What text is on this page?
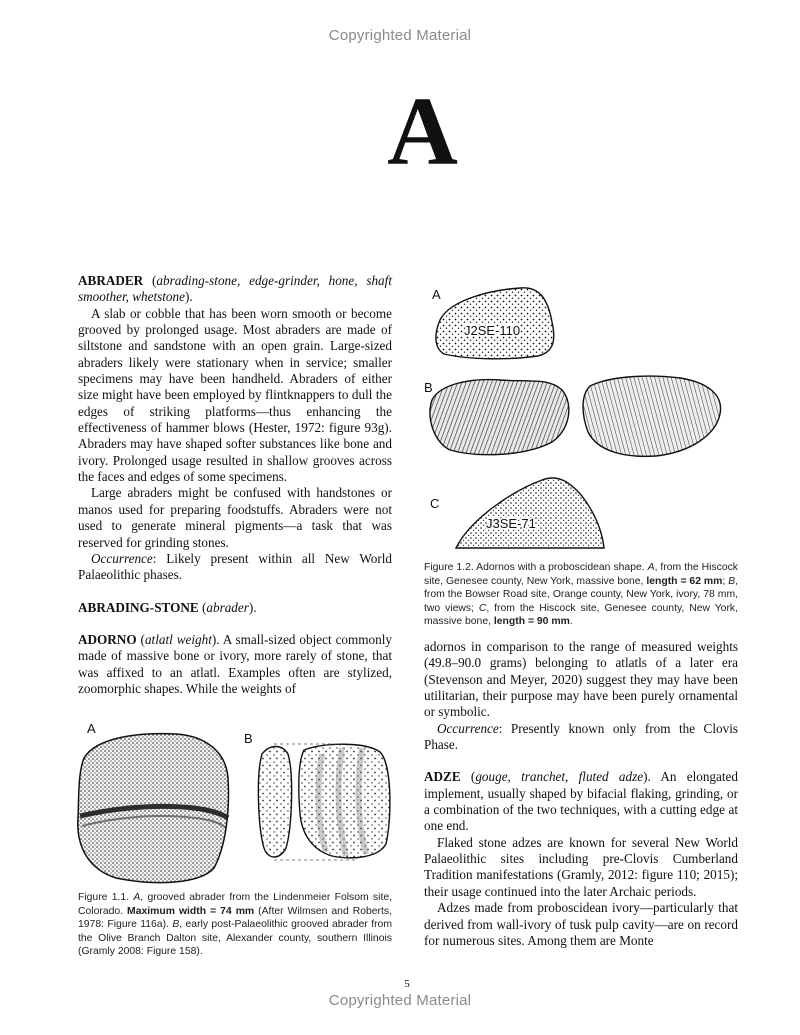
Copyrighted Material
A

ABRADER (abrading-stone, edge-grinder, hone, shaft smoother, whetstone).

A slab or cobble that has been worn smooth or become grooved by prolonged usage. Most abraders are made of siltstone and sandstone with an open grain. Large-sized abraders likely were stationary when in service; smaller specimens may have been handheld. Abraders of either size might have been employed by flintknappers to dull the edges of striking platforms—thus enhancing the effectiveness of hammer blows (Hester, 1972: figure 93g). Abraders may have shaped softer substances like bone and ivory. Prolonged usage resulted in shallow grooves across the faces and edges of some specimens.

Large abraders might be confused with handstones or manos used for preparing foodstuffs. Abraders were not used to generate mineral pigments—a task that was reserved for grinding stones.

Occurrence: Likely present within all New World Palaeolithic phases.

ABRADING-STONE (abrader).

ADORNO (atlatl weight). A small-sized object commonly made of massive bone or ivory, more rarely of stone, that was affixed to an atlatl. Examples often are stylized, zoomorphic shapes. While the weights of

A
B
C
J2SE-110
J3SE-71
Figure 1.2. Adornos with a proboscidean shape. A, from the Hiscock site, Genesee county, New York, massive bone, length = 62 mm; B, from the Bowser Road site, Orange county, New York, ivory, 78 mm, two views; C, from the Hiscock site, Genesee county, New York, massive bone, length = 90 mm.

adornos in comparison to the range of measured weights (49.8–90.0 grams) belonging to atlatls of a later era (Stevenson and Meyer, 2020) suggest they may have been utilitarian, their purpose may have been purely ornamental or symbolic.

Occurrence: Presently known only from the Clovis Phase.

ADZE (gouge, tranchet, fluted adze). An elongated implement, usually shaped by bifacial flaking, grinding, or a combination of the two techniques, with a cutting edge at one end.

Flaked stone adzes are known for several New World Palaeolithic sites including pre-Clovis Cumberland Tradition manifestations (Gramly, 2012: figure 110; 2015); their usage continued into the later Archaic periods.

Adzes made from proboscidean ivory—particularly that derived from wall-ivory of tusk pulp cavity—are on record for numerous sites. Among them are Monte

A
B
Figure 1.1. A, grooved abrader from the Lindenmeier Folsom site, Colorado. Maximum width = 74 mm (After Wilmsen and Roberts, 1978: Figure 116a). B, early post-Palaeolithic grooved abrader from the Olive Branch Dalton site, Alexander county, southern Illinois (Gramly 2008: Figure 158).
5
Copyrighted Material
